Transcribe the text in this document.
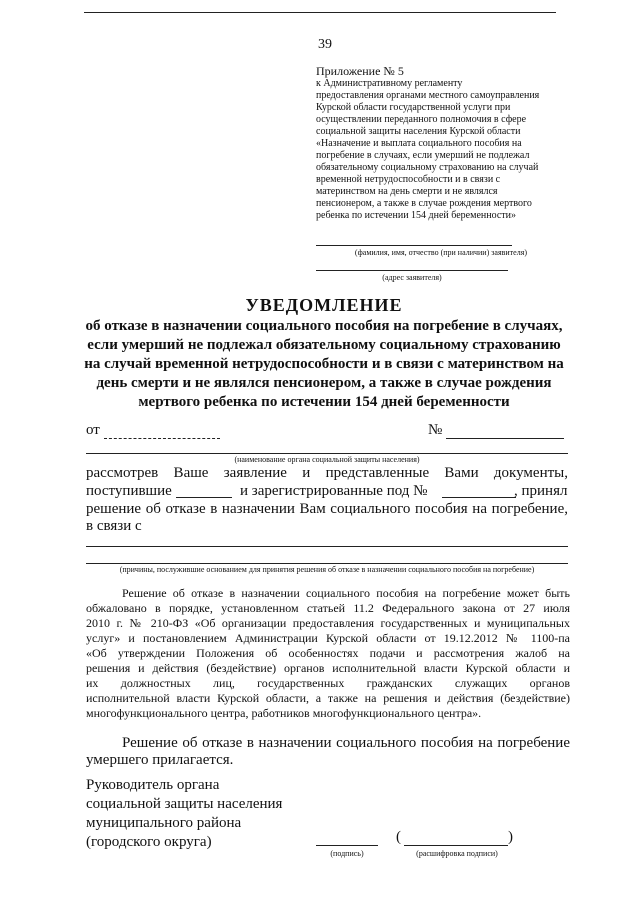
39
Приложение № 5
к Административному регламенту
предоставления органами местного самоуправления
Курской области государственной услуги при
осуществлении переданного полномочия в сфере
социальной защиты населения Курской области
«Назначение и выплата социального пособия на
погребение в случаях, если умерший не подлежал
обязательному социальному страхованию на случай
временной нетрудоспособности и в связи с
материнством на день смерти и не являлся
пенсионером, а также в случае рождения мертвого
ребенка по истечении 154 дней беременности»
(фамилия, имя, отчество (при наличии) заявителя)
(адрес заявителя)
УВЕДОМЛЕНИЕ
об отказе в назначении социального пособия на погребение в случаях,
если умерший не подлежал обязательному социальному страхованию
на случай временной нетрудоспособности и в связи с материнством на
день смерти и не являлся пенсионером, а также в случае рождения
мертвого ребенка по истечении 154 дней беременности
от	№
(наименование органа социальной защиты населения)
рассмотрев Ваше заявление и представленные Вами документы,
поступившие	и зарегистрированные под №	, принял
решение об отказе в назначении Вам социального пособия на погребение,
в связи с
(причины, послужившие основанием для принятия решения об отказе в назначении социального пособия на погребение)
Решение об отказе в назначении социального пособия на погребение может быть
обжаловано в порядке, установленном статьей 11.2 Федерального закона от 27 июля
2010 г. № 210-ФЗ «Об организации предоставления государственных и муниципальных
услуг» и постановлением Администрации Курской области от 19.12.2012 № 1100-па
«Об утверждении Положения об особенностях подачи и рассмотрения жалоб на
решения и действия (бездействие) органов исполнительной власти Курской области и
их должностных лиц, государственных гражданских служащих органов
исполнительной власти Курской области, а также на решения и действия (бездействие)
многофункционального центра, работников многофункционального центра».
Решение об отказе в назначении социального пособия на погребение
умершего прилагается.
Руководитель органа
социальной защиты населения
муниципального района
(городского округа)
(подпись)
(	)
(расшифровка подписи)
